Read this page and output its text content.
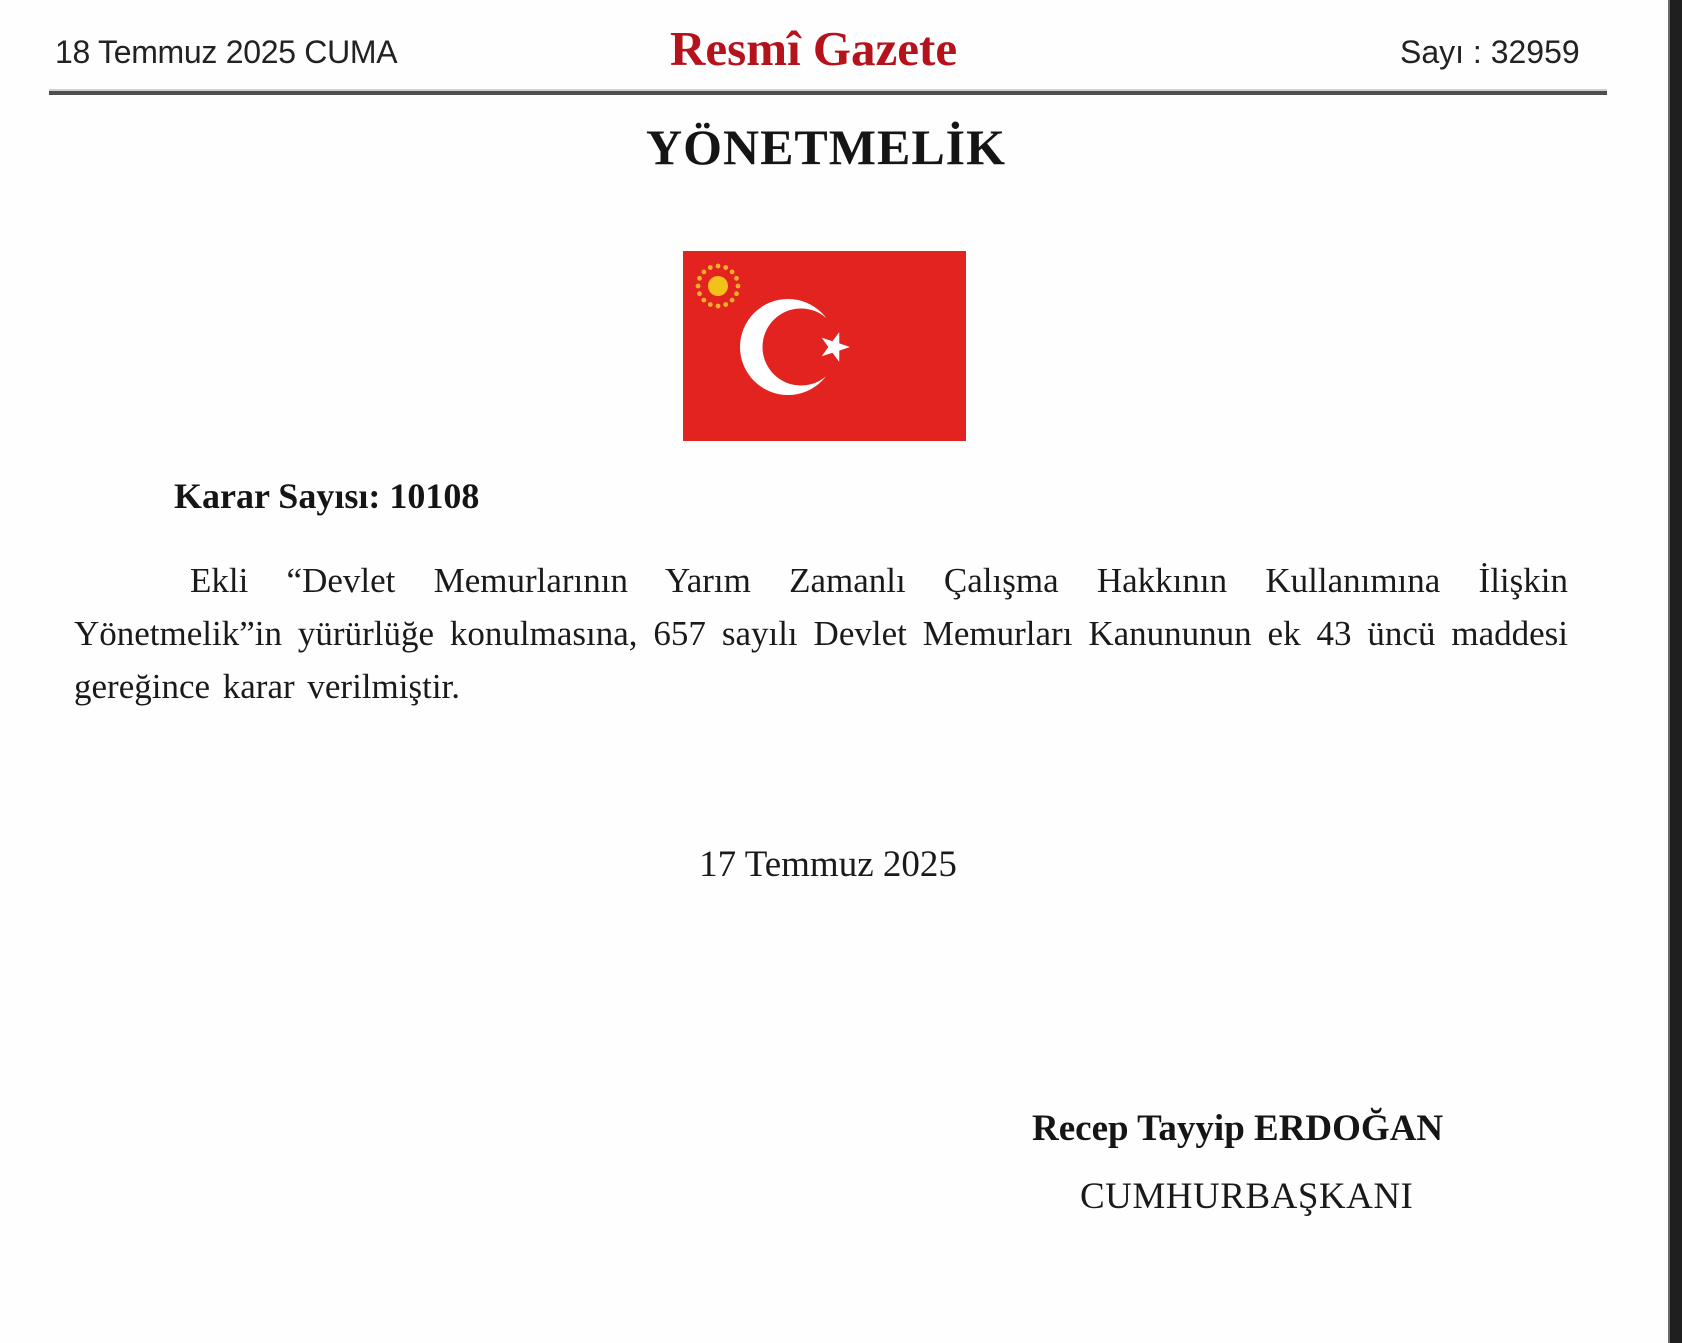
18 Temmuz 2025 CUMA	Resmî Gazete	Sayı : 32959
YÖNETMELİK
Karar Sayısı: 10108
Ekli “Devlet Memurlarının Yarım Zamanlı Çalışma Hakkının Kullanımına İlişkin Yönetmelik”in yürürlüğe konulmasına, 657 sayılı Devlet Memurları Kanununun ek 43 üncü maddesi gereğince karar verilmiştir.
17 Temmuz 2025
Recep Tayyip ERDOĞAN
CUMHURBAŞKANI
